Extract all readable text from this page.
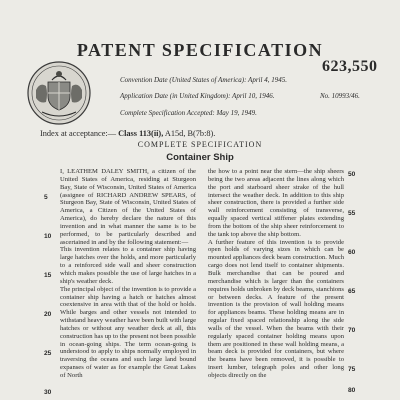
PATENT SPECIFICATION
623,550
Convention Date (United States of America): April 4, 1945.
Application Date (in United Kingdom): April 10, 1946.	No. 10993/46.
Complete Specification Accepted: May 19, 1949.
Index at acceptance:— Class 113(ii), A15d, B(7b:8).
COMPLETE SPECIFICATION
Container Ship
I, LEATHEM DALEY SMITH, a citizen of the United States of America, residing at Sturgeon Bay, State of Wisconsin, United States of America (assignee of RICHARD ANDREW SPEARS, of Sturgeon Bay, State of Wisconsin, United States of America, a Citizen of the United States of America), do hereby declare the nature of this invention and in what manner the same is to be performed, to be particularly described and ascertained in and by the following statement:—
This invention relates to a container ship having large hatches over the holds, and more particularly to a reinforced side wall and sheer construction which makes possible the use of large hatches in a ship's weather deck.
The principal object of the invention is to provide a container ship having a hatch or hatches almost coextensive in area with that of the hold or holds. While barges and other vessels not intended to withstand heavy weather have been built with large hatches or without any weather deck at all, this construction has up to the present not been possible in ocean-going ships. The term ocean-going is understood to apply to ships normally employed in traversing the oceans and such large land bound expanses of water as for example the Great Lakes of North
the how to a point near the stern—the ship sheers being the two areas adjacent the lines along which the port and starboard sheer strake of the hull intersect the weather deck. In addition to this ship sheer construction, there is provided a further side wall reinforcement consisting of transverse, equally spaced vertical stiffener plates extending from the bottom of the ship sheer reinforcement to the tank top above the ship bottom.
A further feature of this invention is to provide open holds of varying sizes in which can be mounted appliances deck beam construction. Much cargo does not lend itself to container shipments. Bulk merchandise that can be poured and merchandise which is larger than the containers requires holds unbroken by deck beams, stanchions or between decks. A feature of the present invention is the provision of wall holding means for appliances beams. These holding means are in regular fixed spaced relationship along the side walls of the vessel. When the beams with their regularly spaced container holding means upon them are positioned in these wall holding means, a beam deck is provided for containers, but where the beams have been removed, it is possible to insert lumber, telegraph poles and other long objects directly on the
5
10
15
20
25
30
50
55
60
65
70
75
80
